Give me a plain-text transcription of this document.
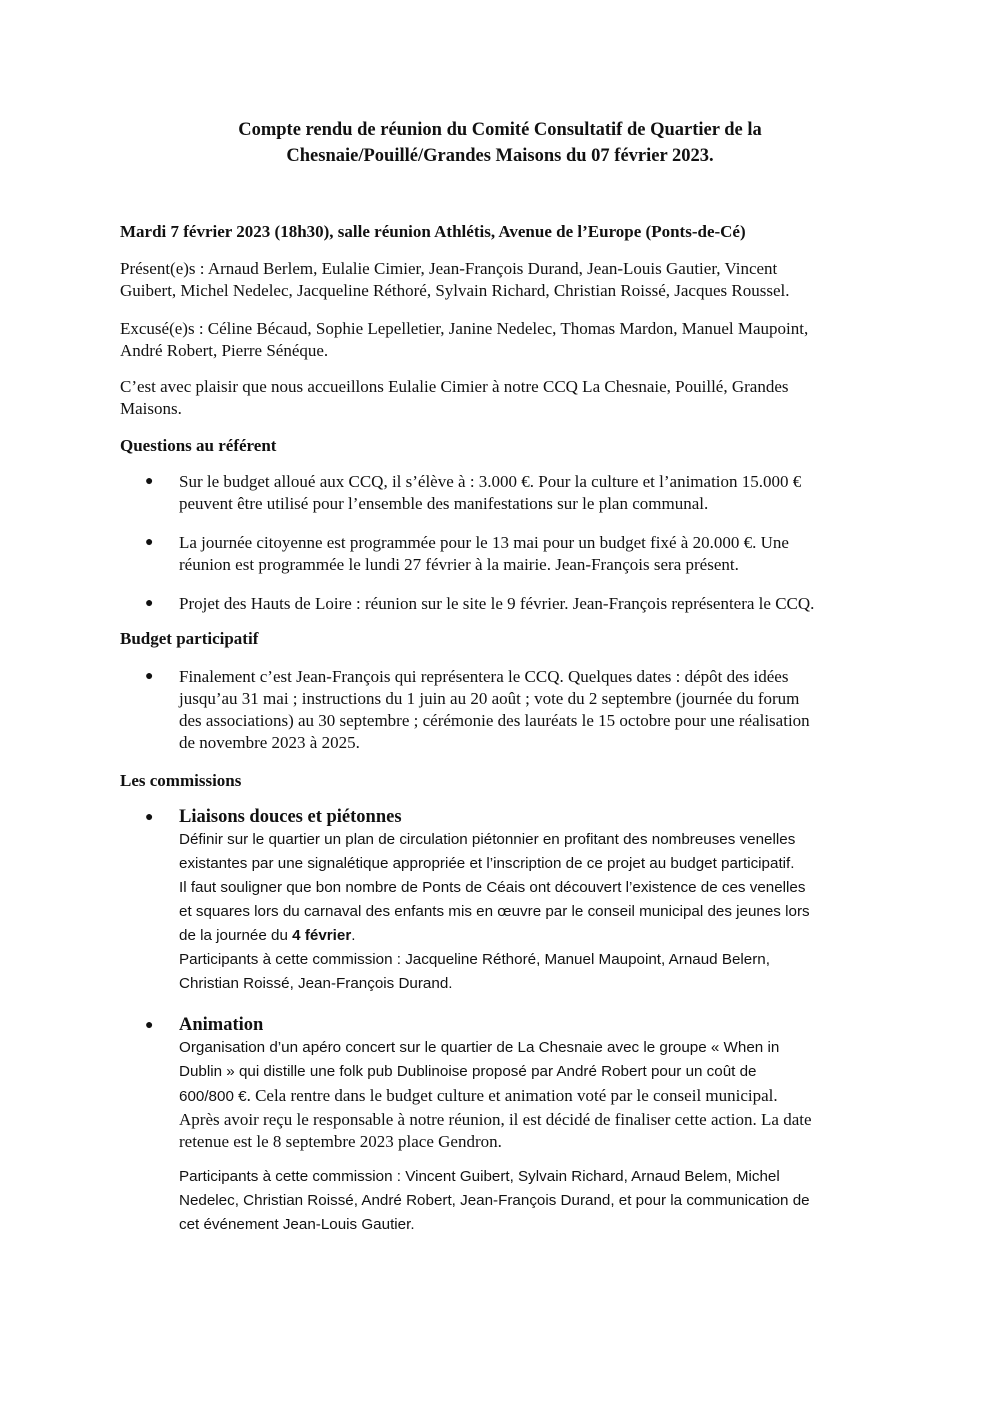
Compte rendu de réunion du Comité Consultatif de Quartier de la
Chesnaie/Pouillé/Grandes Maisons du 07 février 2023.
Mardi 7 février 2023 (18h30), salle réunion Athlétis, Avenue de l’Europe (Ponts-de-Cé)
Présent(e)s : Arnaud Berlem, Eulalie Cimier, Jean-François Durand, Jean-Louis Gautier, Vincent
Guibert, Michel Nedelec, Jacqueline Réthoré, Sylvain Richard, Christian Roissé, Jacques Roussel.
Excusé(e)s : Céline Bécaud, Sophie Lepelletier, Janine Nedelec, Thomas Mardon, Manuel Maupoint,
André Robert, Pierre Sénéque.
C’est avec plaisir que nous accueillons Eulalie Cimier à notre CCQ La Chesnaie, Pouillé, Grandes
Maisons.
Questions au référent
● Sur le budget alloué aux CCQ, il s’élève à : 3.000 €. Pour la culture et l’animation 15.000 €
peuvent être utilisé pour l’ensemble des manifestations sur le plan communal.
● La journée citoyenne est programmée pour le 13 mai pour un budget fixé à 20.000 €. Une
réunion est programmée le lundi 27 février à la mairie. Jean-François sera présent.
● Projet des Hauts de Loire : réunion sur le site le 9 février. Jean-François représentera le CCQ.
Budget participatif
● Finalement c’est Jean-François qui représentera le CCQ. Quelques dates : dépôt des idées
jusqu’au 31 mai ; instructions du 1 juin au 20 août ; vote du 2 septembre (journée du forum
des associations) au 30 septembre ; cérémonie des lauréats le 15 octobre pour une réalisation
de novembre 2023 à 2025.
Les commissions
● Liaisons douces et piétonnes
Définir sur le quartier un plan de circulation piétonnier en profitant des nombreuses venelles
existantes par une signalétique appropriée et l’inscription de ce projet au budget participatif.
Il faut souligner que bon nombre de Ponts de Céais ont découvert l’existence de ces venelles
et squares lors du carnaval des enfants mis en œuvre par le conseil municipal des jeunes lors
de la journée du 4 février.
Participants à cette commission : Jacqueline Réthoré, Manuel Maupoint, Arnaud Belern,
Christian Roissé, Jean-François Durand.
● Animation
Organisation d’un apéro concert sur le quartier de La Chesnaie avec le groupe « When in
Dublin » qui distille une folk pub Dublinoise proposé par André Robert pour un coût de
600/800 €. Cela rentre dans le budget culture et animation voté par le conseil municipal.
Après avoir reçu le responsable à notre réunion, il est décidé de finaliser cette action. La date
retenue est le 8 septembre 2023 place Gendron.
Participants à cette commission : Vincent Guibert, Sylvain Richard, Arnaud Belem, Michel
Nedelec, Christian Roissé, André Robert, Jean-François Durand, et pour la communication de
cet événement Jean-Louis Gautier.
